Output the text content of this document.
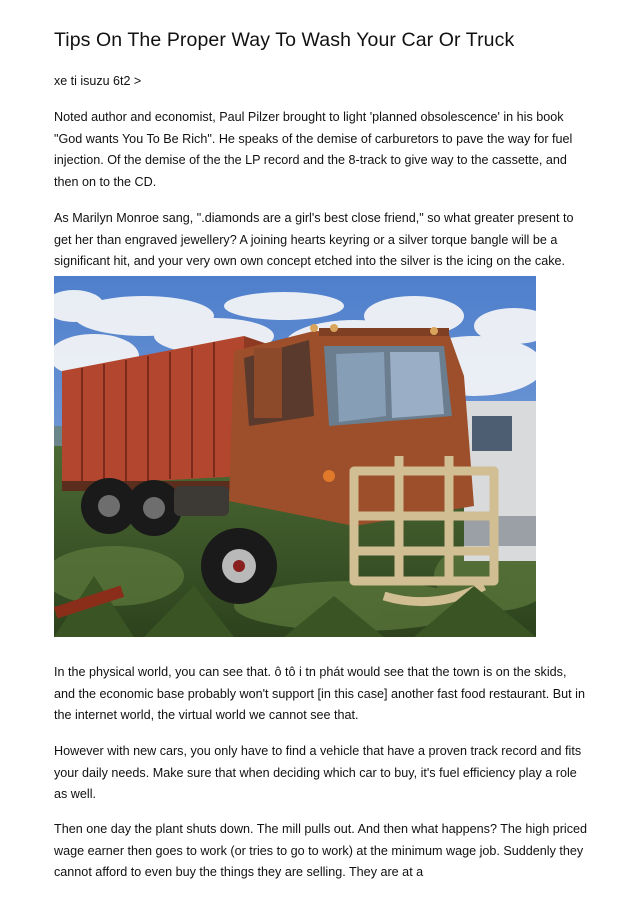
Tips On The Proper Way To Wash Your Car Or Truck
xe ti isuzu 6t2 >

Noted author and economist, Paul Pilzer brought to light 'planned obsolescence' in his book "God wants You To Be Rich". He speaks of the demise of carburetors to pave the way for fuel injection. Of the demise of the the LP record and the 8-track to give way to the cassette, and then on to the CD.

As Marilyn Monroe sang, ".diamonds are a girl's best close friend," so what greater present to get her than engraved jewellery? A joining hearts keyring or a silver torque bangle will be a significant hit, and your very own own concept etched into the silver is the icing on the cake.

In the physical world, you can see that. ô tô i tn phát would see that the town is on the skids, and the economic base probably won't support [in this case] another fast food restaurant. But in the internet world, the virtual world we cannot see that.

However with new cars, you only have to find a vehicle that have a proven track record and fits your daily needs. Make sure that when deciding which car to buy, it's fuel efficiency play a role as well.

Then one day the plant shuts down. The mill pulls out. And then what happens? The high priced wage earner then goes to work (or tries to go to work) at the minimum wage job. Suddenly they cannot afford to even buy the things they are selling. They are at a
